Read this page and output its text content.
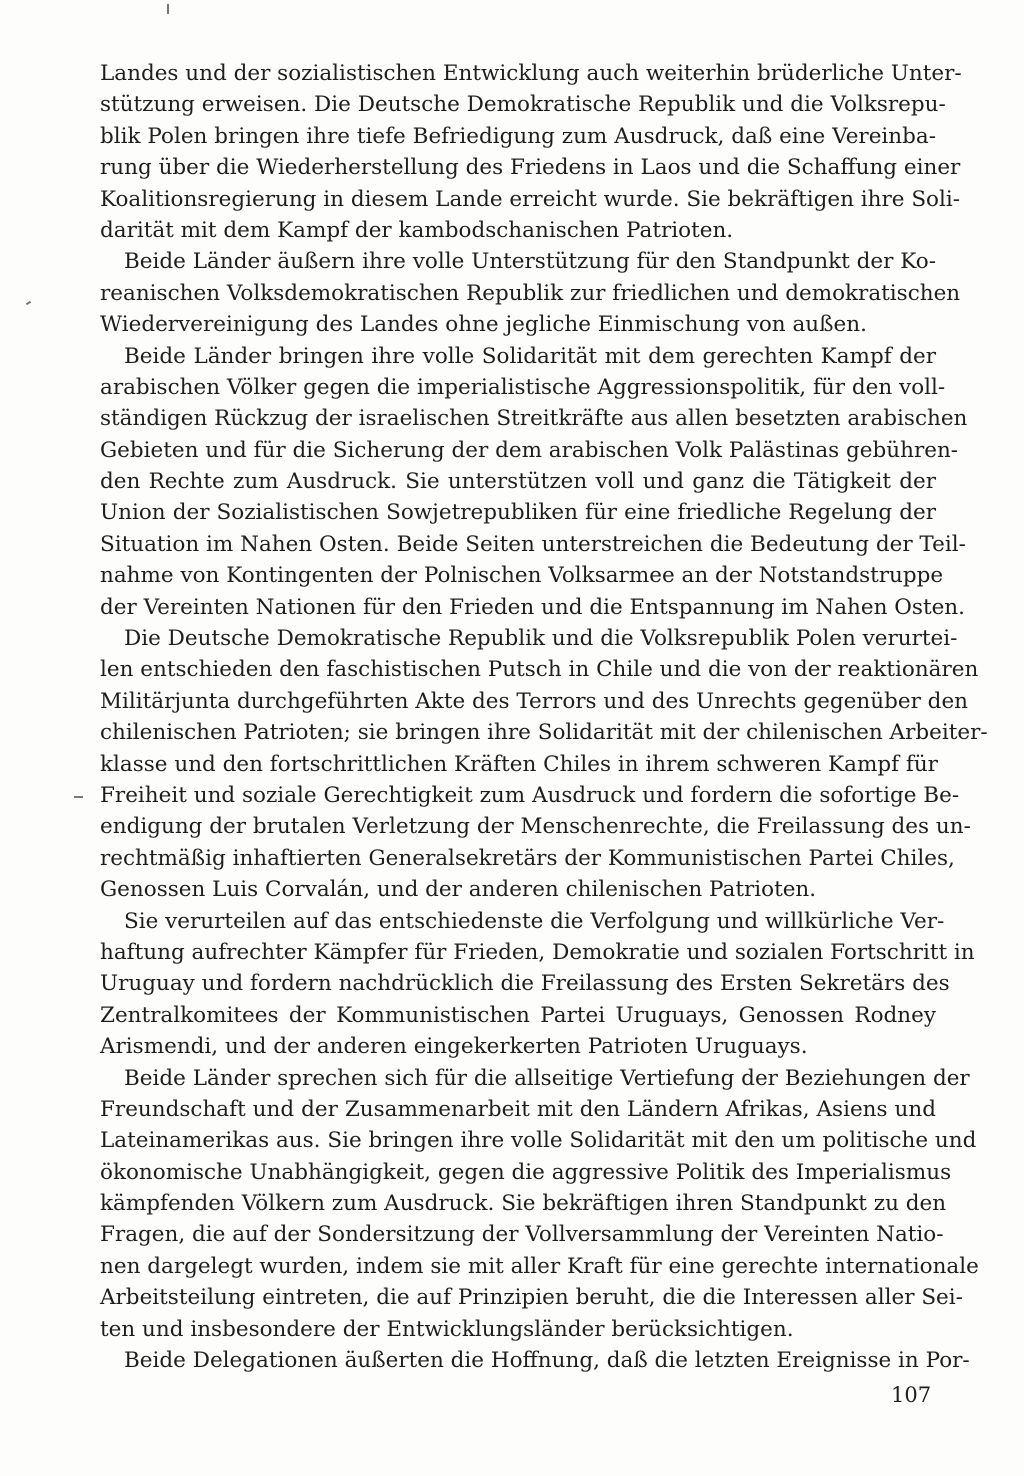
Landes und der sozialistischen Entwicklung auch weiterhin brüderliche Unter-
stützung erweisen. Die Deutsche Demokratische Republik und die Volksrepu-
blik Polen bringen ihre tiefe Befriedigung zum Ausdruck, daß eine Vereinba-
rung über die Wiederherstellung des Friedens in Laos und die Schaffung einer
Koalitionsregierung in diesem Lande erreicht wurde. Sie bekräftigen ihre Soli-
darität mit dem Kampf der kambodschanischen Patrioten.
Beide Länder äußern ihre volle Unterstützung für den Standpunkt der Ko-
reanischen Volksdemokratischen Republik zur friedlichen und demokratischen
Wiedervereinigung des Landes ohne jegliche Einmischung von außen.
Beide Länder bringen ihre volle Solidarität mit dem gerechten Kampf der
arabischen Völker gegen die imperialistische Aggressionspolitik, für den voll-
ständigen Rückzug der israelischen Streitkräfte aus allen besetzten arabischen
Gebieten und für die Sicherung der dem arabischen Volk Palästinas gebühren-
den Rechte zum Ausdruck. Sie unterstützen voll und ganz die Tätigkeit der
Union der Sozialistischen Sowjetrepubliken für eine friedliche Regelung der
Situation im Nahen Osten. Beide Seiten unterstreichen die Bedeutung der Teil-
nahme von Kontingenten der Polnischen Volksarmee an der Notstandstruppe
der Vereinten Nationen für den Frieden und die Entspannung im Nahen Osten.
Die Deutsche Demokratische Republik und die Volksrepublik Polen verurtei-
len entschieden den faschistischen Putsch in Chile und die von der reaktionären
Militärjunta durchgeführten Akte des Terrors und des Unrechts gegenüber den
chilenischen Patrioten; sie bringen ihre Solidarität mit der chilenischen Arbeiter-
klasse und den fortschrittlichen Kräften Chiles in ihrem schweren Kampf für
Freiheit und soziale Gerechtigkeit zum Ausdruck und fordern die sofortige Be-
endigung der brutalen Verletzung der Menschenrechte, die Freilassung des un-
rechtmäßig inhaftierten Generalsekretärs der Kommunistischen Partei Chiles,
Genossen Luis Corvalán, und der anderen chilenischen Patrioten.
Sie verurteilen auf das entschiedenste die Verfolgung und willkürliche Ver-
haftung aufrechter Kämpfer für Frieden, Demokratie und sozialen Fortschritt in
Uruguay und fordern nachdrücklich die Freilassung des Ersten Sekretärs des
Zentralkomitees der Kommunistischen Partei Uruguays, Genossen Rodney
Arismendi, und der anderen eingekerkerten Patrioten Uruguays.
Beide Länder sprechen sich für die allseitige Vertiefung der Beziehungen der
Freundschaft und der Zusammenarbeit mit den Ländern Afrikas, Asiens und
Lateinamerikas aus. Sie bringen ihre volle Solidarität mit den um politische und
ökonomische Unabhängigkeit, gegen die aggressive Politik des Imperialismus
kämpfenden Völkern zum Ausdruck. Sie bekräftigen ihren Standpunkt zu den
Fragen, die auf der Sondersitzung der Vollversammlung der Vereinten Natio-
nen dargelegt wurden, indem sie mit aller Kraft für eine gerechte internationale
Arbeitsteilung eintreten, die auf Prinzipien beruht, die die Interessen aller Sei-
ten und insbesondere der Entwicklungsländer berücksichtigen.
Beide Delegationen äußerten die Hoffnung, daß die letzten Ereignisse in Por-
107
